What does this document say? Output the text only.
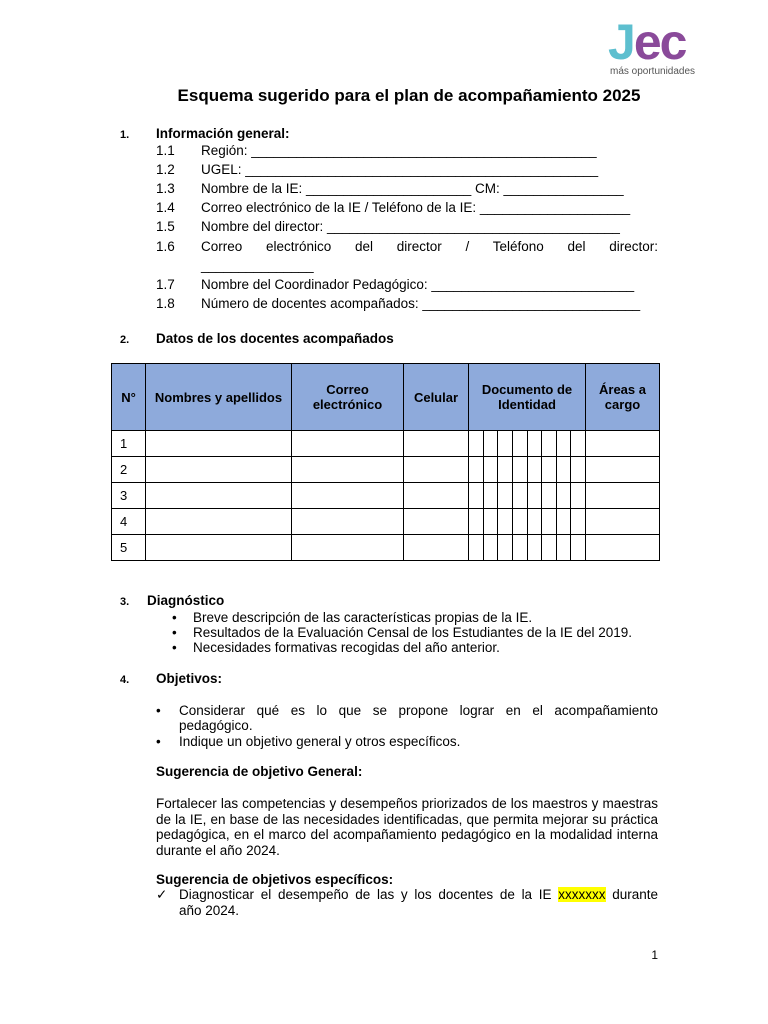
Jec
más oportunidades
Esquema sugerido para el plan de acompañamiento 2025
1. Información general:
1.1 Región: ______________________________________________
1.2 UGEL: _______________________________________________
1.3 Nombre de la IE: ______________________ CM: ________________
1.4 Correo electrónico de la IE / Teléfono de la IE: ____________________
1.5 Nombre del director: _______________________________________
1.6 Correo electrónico del director / Teléfono del director:
_______________
1.7 Nombre del Coordinador Pedagógico: ___________________________
1.8 Número de docentes acompañados: _____________________________
2. Datos de los docentes acompañados
N°	Nombres y apellidos	Correo electrónico	Celular	Documento de Identidad	Áreas a cargo
1				

2				

3				

4				

5				

3. Diagnóstico
• Breve descripción de las características propias de la IE.
• Resultados de la Evaluación Censal de los Estudiantes de la IE del 2019.
• Necesidades formativas recogidas del año anterior.
4. Objetivos:
• Considerar qué es lo que se propone lograr en el acompañamiento
pedagógico.
• Indique un objetivo general y otros específicos.
Sugerencia de objetivo General:
Fortalecer las competencias y desempeños priorizados de los maestros y maestras de la IE, en base de las necesidades identificadas, que permita mejorar su práctica pedagógica, en el marco del acompañamiento pedagógico en la modalidad interna durante el año 2024.
Sugerencia de objetivos específicos:
✓ Diagnosticar el desempeño de las y los docentes de la IE xxxxxxx durante
año 2024.
1
